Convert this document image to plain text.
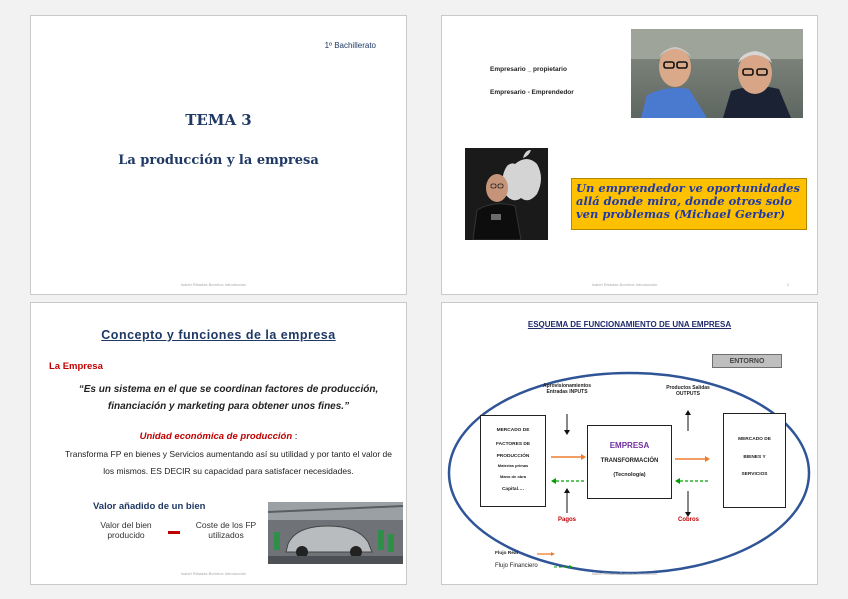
1º Bachillerato
TEMA 3
La producción y la empresa
Isabel Ribadas Borrelos Introducción
Empresario _ propietario
Empresario - Emprendedor
Un emprendedor ve oportunidades allá donde mira, donde otros solo ven problemas (Michael Gerber)
Isabel Ribadas Borrelos Introducción	2
Concepto y funciones de la empresa
La Empresa
“Es un sistema en el que se coordinan factores de producción, financiación y marketing para obtener unos fines.”
Unidad económica de producción :
Transforma FP en bienes y Servicios aumentando así su utilidad y por tanto el valor de los mismos. ES DECIR su capacidad para satisfacer necesidades.
Valor añadido de un bien
Valor del bien producido
Coste de los FP utilizados
Isabel Ribadas Borrelos Introducción
ESQUEMA DE FUNCIONAMIENTO DE UNA EMPRESA
ENTORNO
Aprovisionamientos Entradas INPUTS
Productos Salidas OUTPUTS
MERCADO DE
FACTORES DE
PRODUCCIÓN
Materias primas
Mano de obra
Capital….
EMPRESA
TRANSFORMACIÓN
(Tecnología)
MERCADO DE
BIENES Y
SERVICIOS
Pagos	Cobros
Flujo Real
Flujo Financiero
Isabel Ribadas Borrelos Introducción
